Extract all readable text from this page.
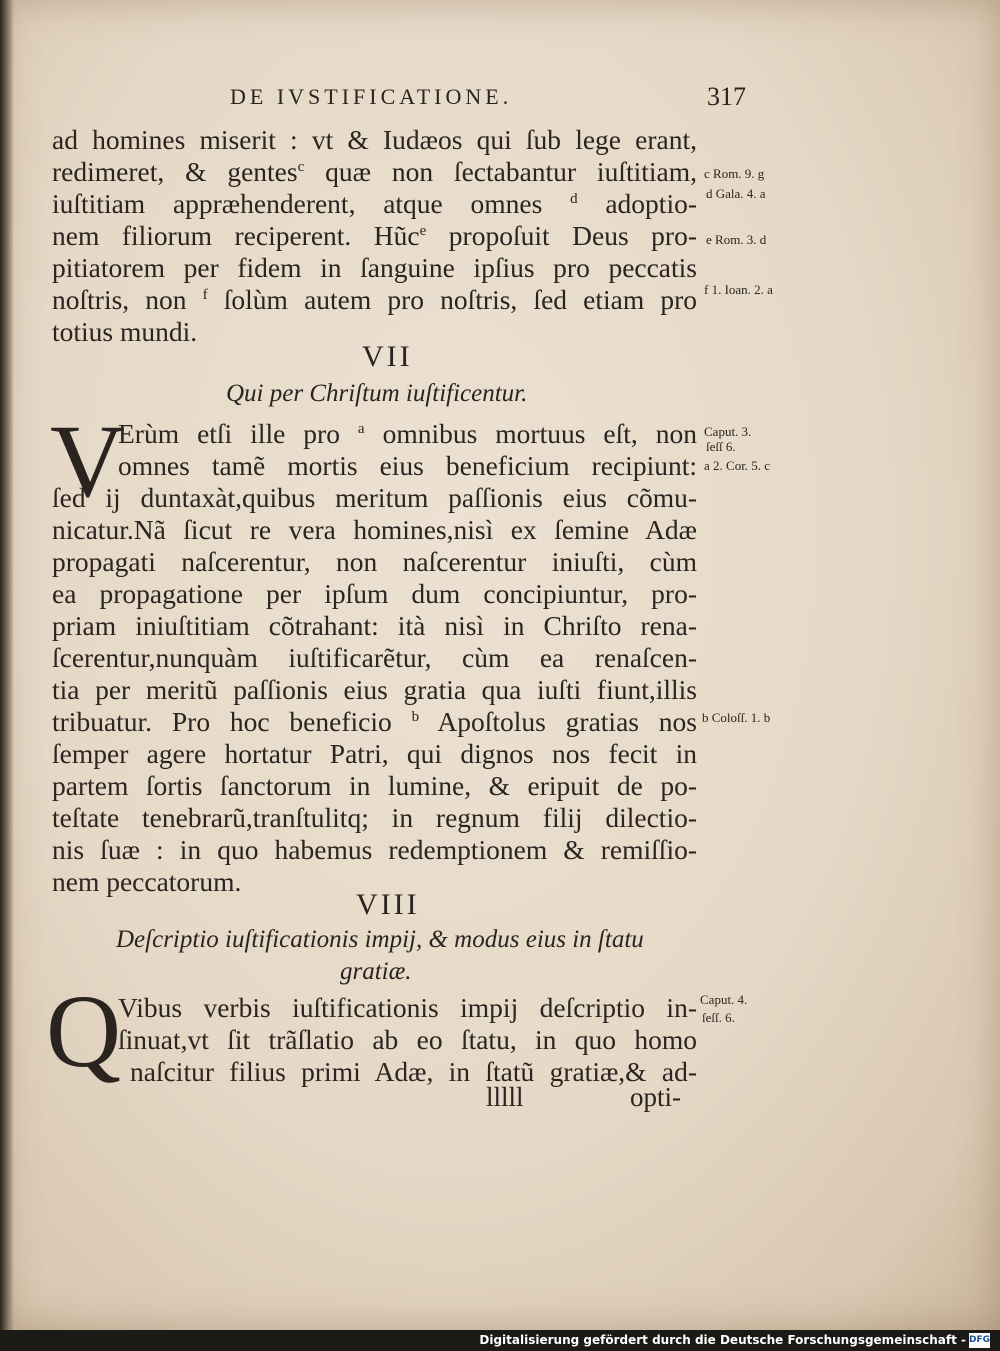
DE IVSTIFICATIONE.	317
ad homines miserit : vt & Iudæos qui ſub lege erant,
redimeret, & gentes$^c$ quæ non ſectabantur iuſtitiam,
iuſtitiam appræhenderent, atque omnes $^d$ adoptio-
nem filiorum reciperent. Hũc$^e$ propoſuit Deus pro-
pitiatorem per fidem in ſanguine ipſius pro peccatis
noſtris, non $^f$ ſolùm autem pro noſtris, ſed etiam pro
totius mundi.
VII
Qui per Chriſtum iuſtificentur.
V
Erùm etſi ille pro $^a$ omnibus mortuus eſt, non
omnes tamẽ mortis eius beneficium recipiunt:
ſed ij duntaxàt,quibus meritum paſſionis eius cõmu-
nicatur.Nã ſicut re vera homines,nisì ex ſemine Adæ
propagati naſcerentur, non naſcerentur iniuſti, cùm
ea propagatione per ipſum dum concipiuntur, pro-
priam iniuſtitiam cõtrahant: ità nisì in Chriſto rena-
ſcerentur,nunquàm iuſtificarẽtur, cùm ea renaſcen-
tia per meritũ paſſionis eius gratia qua iuſti fiunt,illis
tribuatur. Pro hoc beneficio $^b$ Apoſtolus gratias nos
ſemper agere hortatur Patri, qui dignos nos fecit in
partem ſortis ſanctorum in lumine, & eripuit de po-
teſtate tenebrarũ,tranſtulitq; in regnum filij dilectio-
nis ſuæ : in quo habemus redemptionem & remiſſio-
nem peccatorum.
VIII
Deſcriptio iuſtificationis impij, & modus eius in ſtatu
gratiæ.
Q
Vibus verbis iuſtificationis impij deſcriptio in-
ſinuat,vt ſit trãſlatio ab eo ſtatu, in quo homo
naſcitur filius primi Adæ, in ſtatũ gratiæ,& ad-
lllll	opti-
c Rom. 9. g
d Gala. 4. a
e Rom. 3. d
f 1. Ioan. 2. a
Caput. 3.
ſeſſ 6.
a 2. Cor. 5. c
b Coloſſ. 1. b
Caput. 4.
ſeſſ. 6.
Digitalisierung gefördert durch die Deutsche Forschungsgemeinschaft - DFG
